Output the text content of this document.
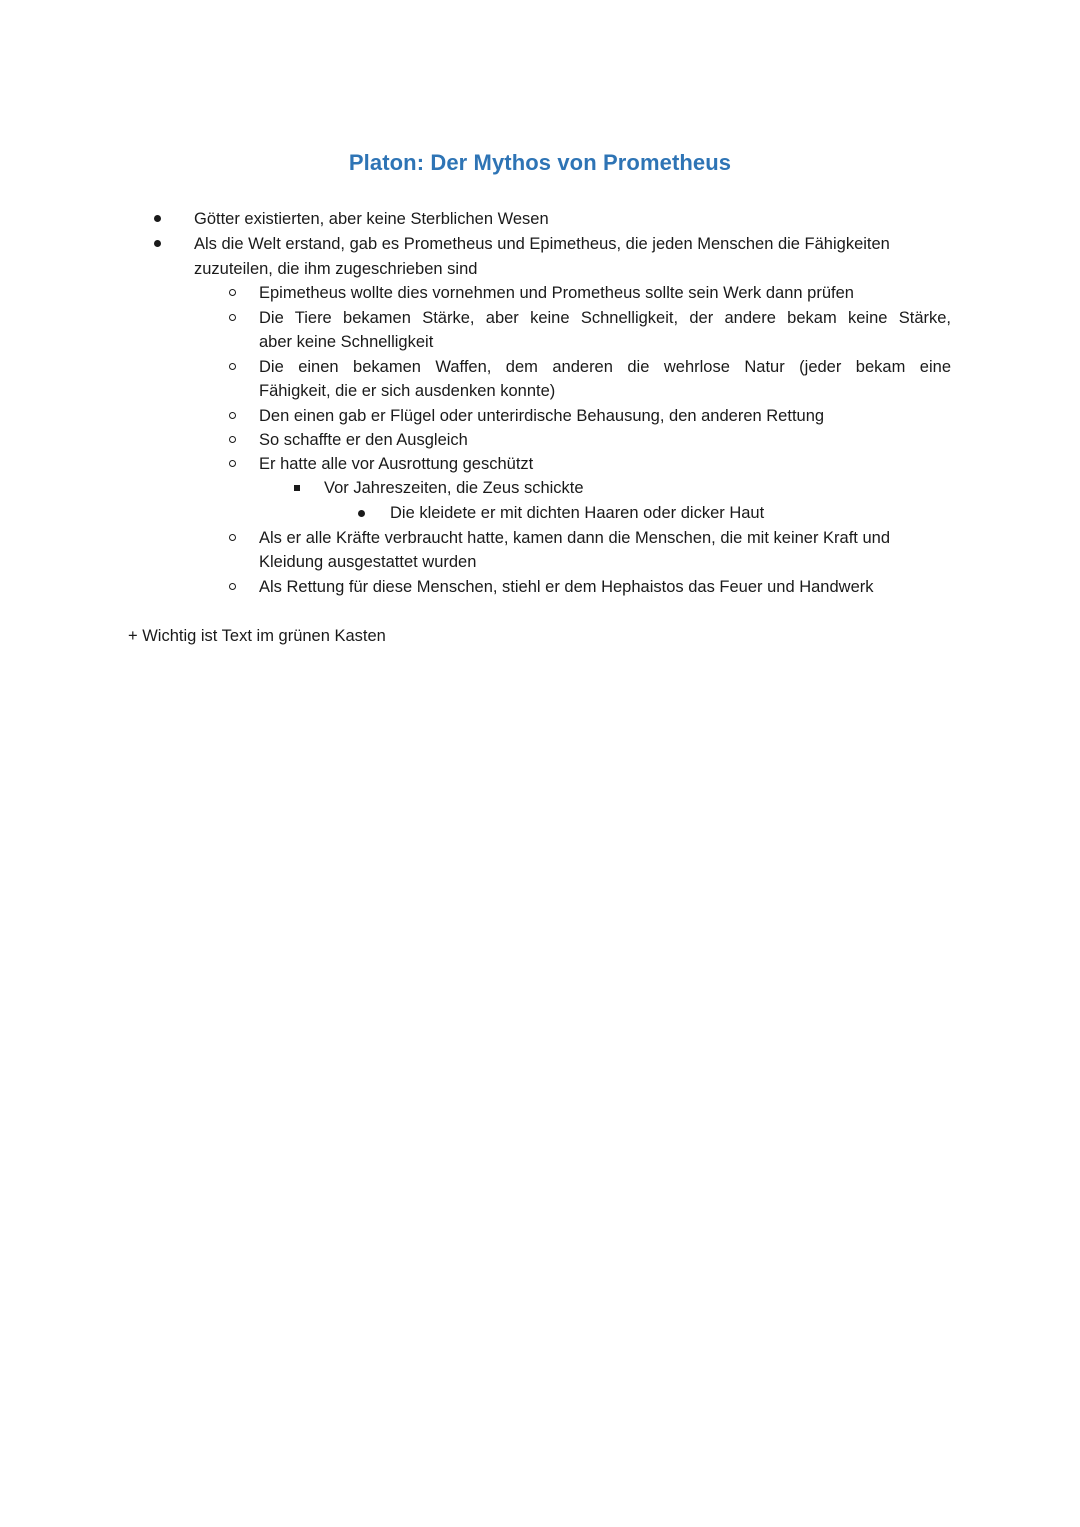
Platon: Der Mythos von Prometheus
Götter existierten, aber keine Sterblichen Wesen
Als die Welt erstand, gab es Prometheus und Epimetheus, die jeden Menschen die Fähigkeiten
zuzuteilen, die ihm zugeschrieben sind
Epimetheus wollte dies vornehmen und Prometheus sollte sein Werk dann prüfen
Die Tiere bekamen Stärke, aber keine Schnelligkeit, der andere bekam keine Stärke,
aber keine Schnelligkeit
Die einen bekamen Waffen, dem anderen die wehrlose Natur (jeder bekam eine
Fähigkeit, die er sich ausdenken konnte)
Den einen gab er Flügel oder unterirdische Behausung, den anderen Rettung
So schaffte er den Ausgleich
Er hatte alle vor Ausrottung geschützt
Vor Jahreszeiten, die Zeus schickte
Die kleidete er mit dichten Haaren oder dicker Haut
Als er alle Kräfte verbraucht hatte, kamen dann die Menschen, die mit keiner Kraft und
Kleidung ausgestattet wurden
Als Rettung für diese Menschen, stiehl er dem Hephaistos das Feuer und Handwerk
+ Wichtig ist Text im grünen Kasten
